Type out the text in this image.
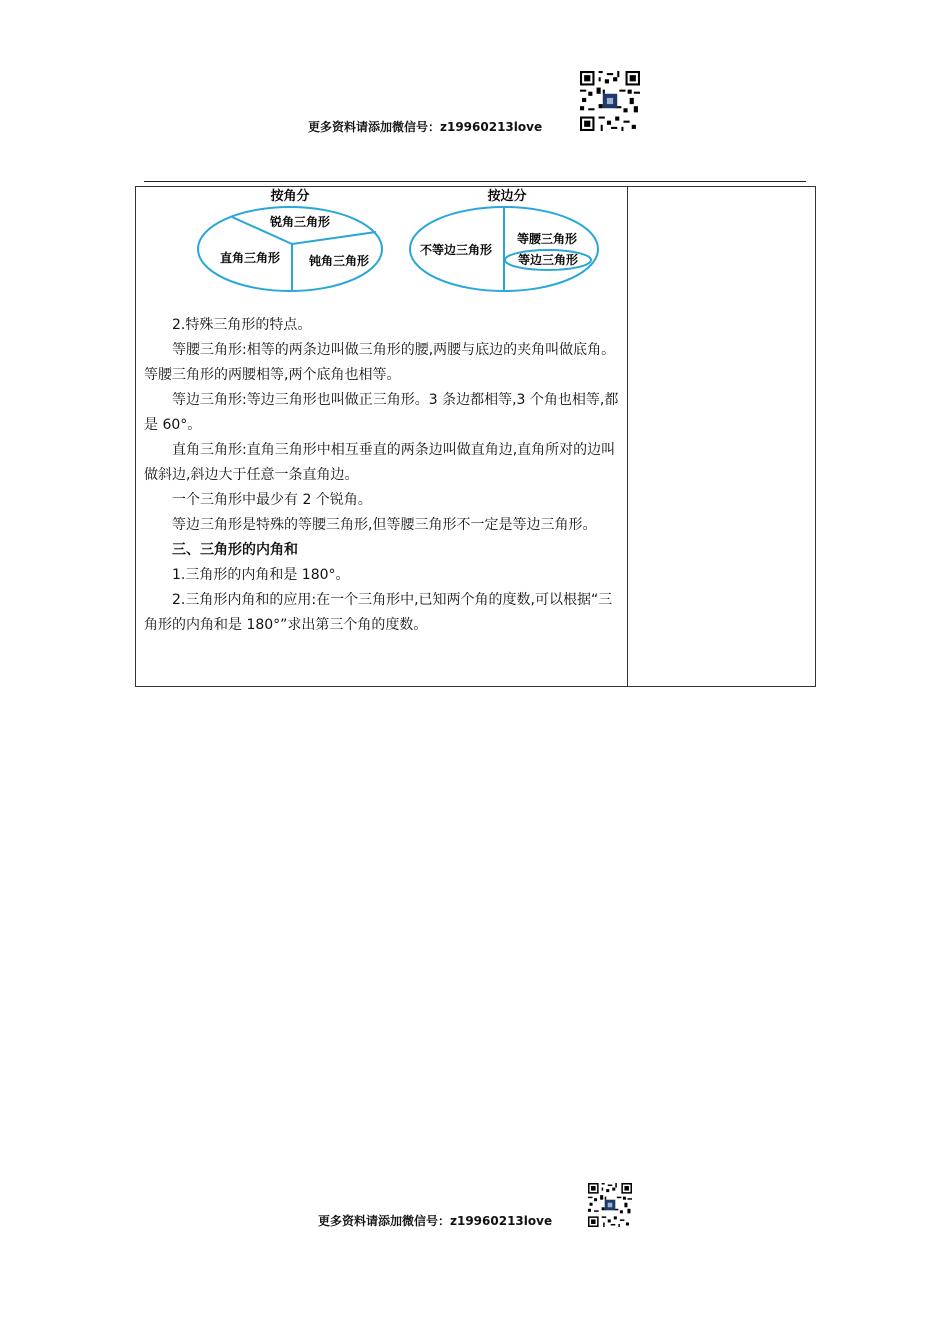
更多资料请添加微信号：z19960213love
按角分
锐角三角形
直角三角形 钝角三角形
按边分
不等边三角形
等腰三角形
等边三角形

2.特殊三角形的特点。

等腰三角形:相等的两条边叫做三角形的腰,两腰与底边的夹角叫做底角。等腰三角形的两腰相等,两个底角也相等。

等边三角形:等边三角形也叫做正三角形。3 条边都相等,3 个角也相等,都是 60°。

直角三角形:直角三角形中相互垂直的两条边叫做直角边,直角所对的边叫做斜边,斜边大于任意一条直角边。

一个三角形中最少有 2 个锐角。

等边三角形是特殊的等腰三角形,但等腰三角形不一定是等边三角形。

三、三角形的内角和

1.三角形的内角和是 180°。

2.三角形内角和的应用:在一个三角形中,已知两个角的度数,可以根据“三角形的内角和是 180°”求出第三个角的度数。

更多资料请添加微信号：z19960213love
